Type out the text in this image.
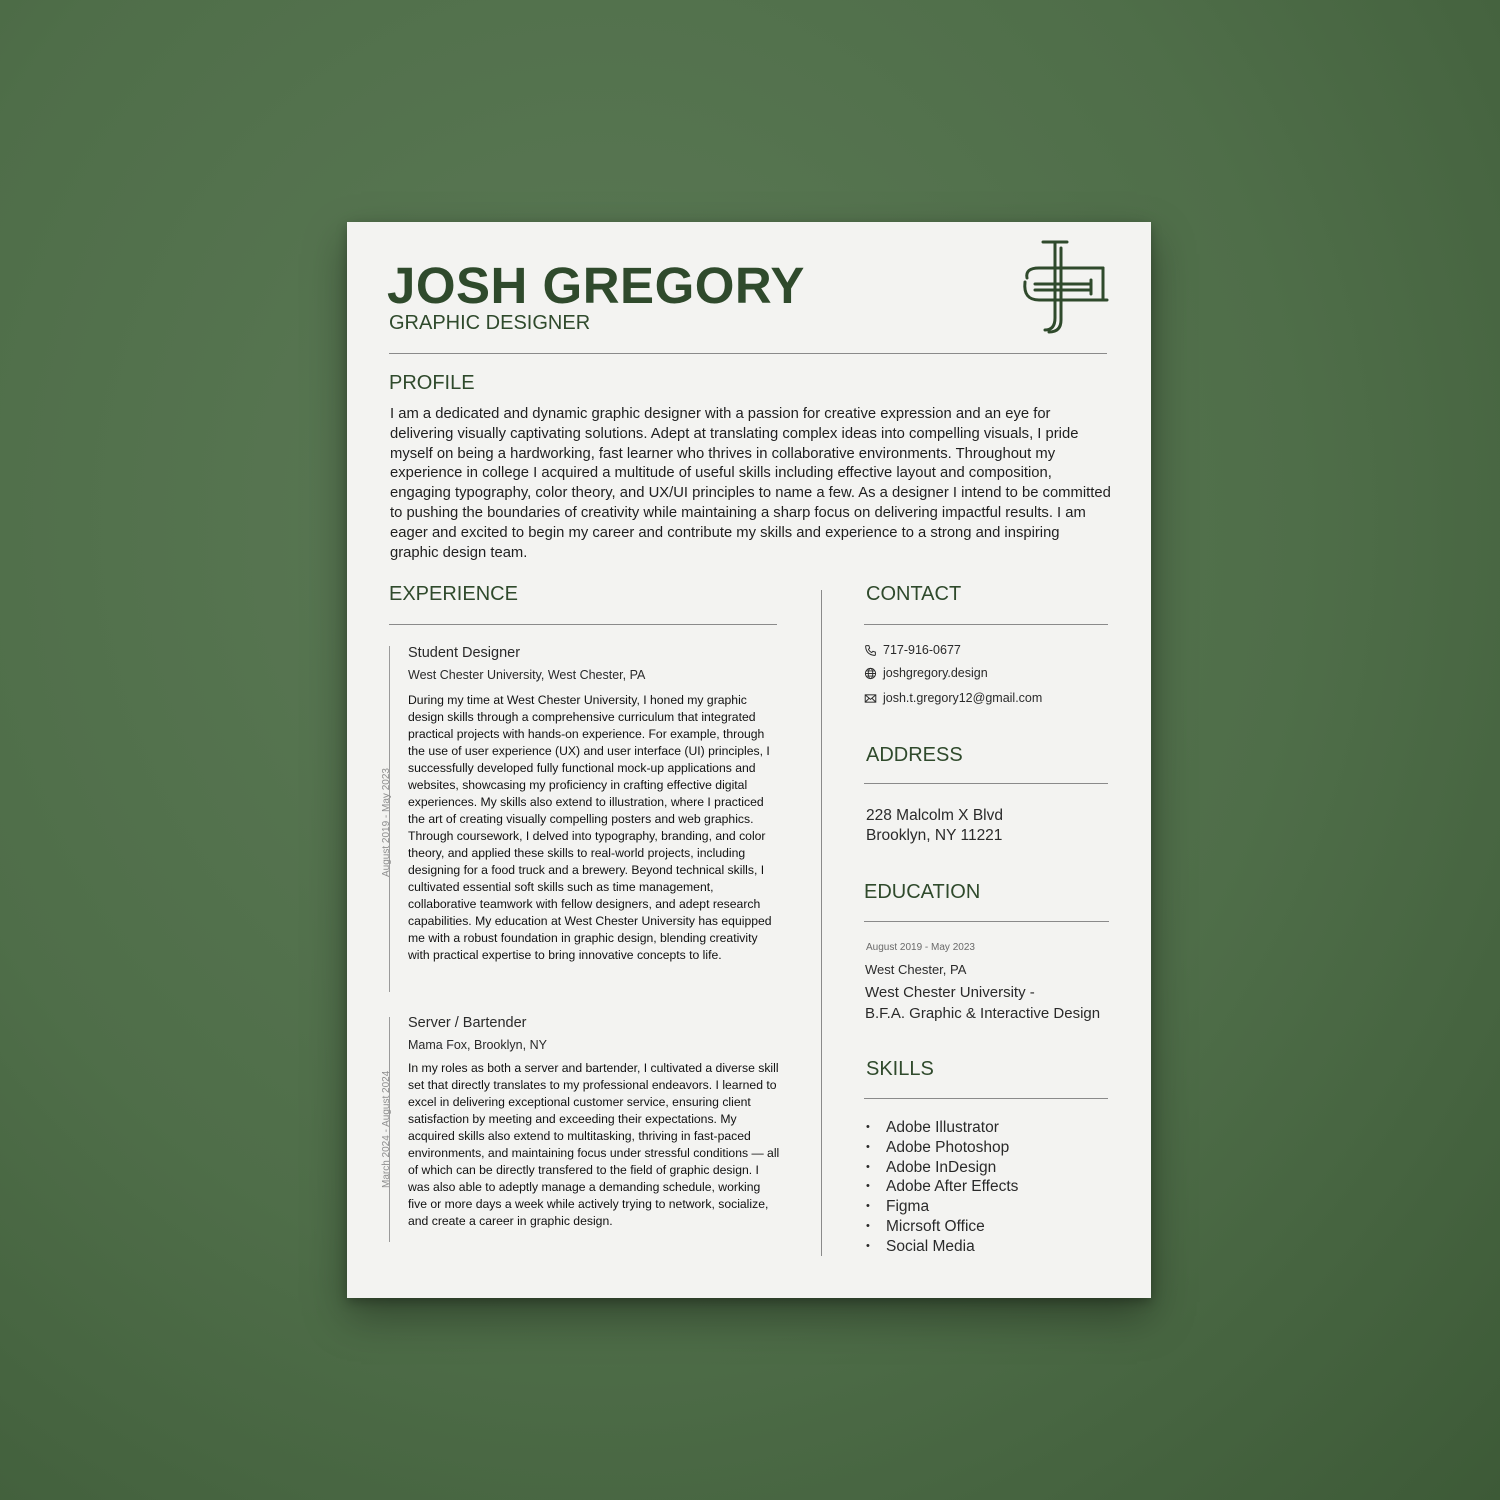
JOSH GREGORY
GRAPHIC DESIGNER
PROFILE
I am a dedicated and dynamic graphic designer with a passion for creative expression and an eye for delivering visually captivating solutions. Adept at translating complex ideas into compelling visuals, I pride myself on being a hardworking, fast learner who thrives in collaborative environments. Throughout my experience in college I acquired a multitude of useful skills including effective layout and composition, engaging typography, color theory, and UX/UI principles to name a few. As a designer I intend to be committed to pushing the boundaries of creativity while maintaining a sharp focus on delivering impactful results. I am eager and excited to begin my career and contribute my skills and experience to a strong and inspiring graphic design team.
EXPERIENCE
August 2019 - May 2023
Student Designer
West Chester University, West Chester, PA
During my time at West Chester University, I honed my graphic design skills through a comprehensive curriculum that integrated practical projects with hands-on experience. For example, through the use of user experience (UX) and user interface (UI) principles, I successfully developed fully functional mock-up applications and websites, showcasing my proficiency in crafting effective digital experiences. My skills also extend to illustration, where I practiced the art of creating visually compelling posters and web graphics. Through coursework, I delved into typography, branding, and color theory, and applied these skills to real-world projects, including designing for a food truck and a brewery. Beyond technical skills, I cultivated essential soft skills such as time management, collaborative teamwork with fellow designers, and adept research capabilities. My education at West Chester University has equipped me with a robust foundation in graphic design, blending creativity with practical expertise to bring innovative concepts to life.
March 2024 - August 2024
Server / Bartender
Mama Fox, Brooklyn, NY
In my roles as both a server and bartender, I cultivated a diverse skill set that directly translates to my professional endeavors. I learned to excel in delivering exceptional customer service, ensuring client satisfaction by meeting and exceeding their expectations. My acquired skills also extend to multitasking, thriving in fast-paced environments, and maintaining focus under stressful conditions — all of which can be directly transfered to the field of graphic design. I was also able to adeptly manage a demanding schedule, working five or more days a week while actively trying to network, socialize, and create a career in graphic design.
CONTACT
717-916-0677
joshgregory.design
josh.t.gregory12@gmail.com
ADDRESS
228 Malcolm X Blvd
Brooklyn, NY 11221
EDUCATION
August 2019 - May 2023
West Chester, PA
West Chester University -
B.F.A. Graphic & Interactive Design
SKILLS
• Adobe Illustrator
• Adobe Photoshop
• Adobe InDesign
• Adobe After Effects
• Figma
• Micrsoft Office
• Social Media
